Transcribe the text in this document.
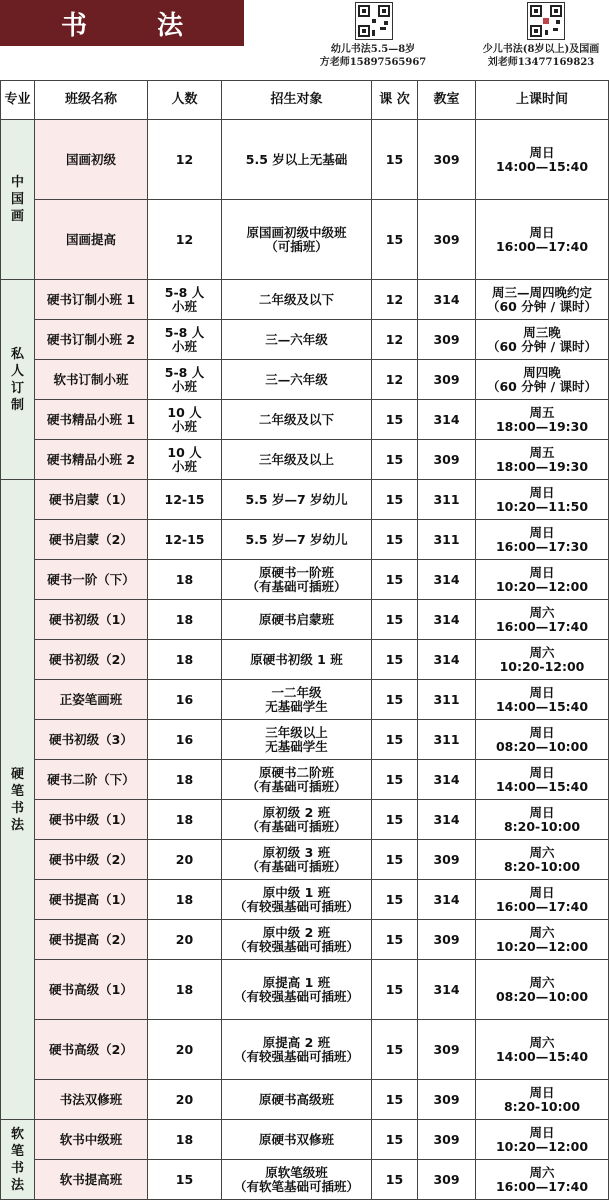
书	法
幼儿书法5.5—8岁
方老师15897565967
少儿书法(8岁以上)及国画
刘老师13477169823
专业	班级名称	人数	招生对象	课 次	教室	上课时间
中国画	国画初级	12	5.5 岁以上无基础	15	309	周日
14:00—15:40

	国画提高	12	原国画初级中级班
（可插班）	15	309	周日
16:00—17:40

私人订制	硬书订制小班 1	5-8 人
小班	二年级及以下	12	314	周三—周四晚约定
（60 分钟 / 课时）

	硬书订制小班 2	5-8 人
小班	三—六年级	12	309	周三晚
（60 分钟 / 课时）

	软书订制小班	5-8 人
小班	三—六年级	12	309	周四晚
（60 分钟 / 课时）

	硬书精品小班 1	10 人
小班	二年级及以下	15	314	周五
18:00—19:30

	硬书精品小班 2	10 人
小班	三年级及以上	15	309	周五
18:00—19:30

硬笔书法	硬书启蒙（1）	12-15	5.5 岁—7 岁幼儿	15	311	周日
10:20—11:50

	硬书启蒙（2）	12-15	5.5 岁—7 岁幼儿	15	311	周日
16:00—17:30

	硬书一阶（下）	18	原硬书一阶班
（有基础可插班）	15	314	周日
10:20—12:00

	硬书初级（1）	18	原硬书启蒙班	15	314	周六
16:00—17:40

	硬书初级（2）	18	原硬书初级 1 班	15	314	周六
10:20-12:00

	正姿笔画班	16	一二年级
无基础学生	15	311	周日
14:00—15:40

	硬书初级（3）	16	三年级以上
无基础学生	15	311	周日
08:20—10:00

	硬书二阶（下）	18	原硬书二阶班
（有基础可插班）	15	314	周日
14:00—15:40

	硬书中级（1）	18	原初级 2 班
（有基础可插班）	15	314	周日
8:20-10:00

	硬书中级（2）	20	原初级 3 班
（有基础可插班）	15	309	周六
8:20-10:00

	硬书提高（1）	18	原中级 1 班
（有较强基础可插班）	15	314	周日
16:00—17:40

	硬书提高（2）	20	原中级 2 班
（有较强基础可插班）	15	309	周六
10:20—12:00

	硬书高级（1）	18	原提高 1 班
（有较强基础可插班）	15	314	周六
08:20—10:00

	硬书高级（2）	20	原提高 2 班
（有较强基础可插班）	15	309	周六
14:00—15:40

	书法双修班	20	原硬书高级班	15	309	周日
8:20-10:00

软笔书法	软书中级班	18	原硬书双修班	15	309	周日
10:20—12:00

	软书提高班	15	原软笔级班
（有软笔基础可插班）	15	309	周六
16:00—17:40
